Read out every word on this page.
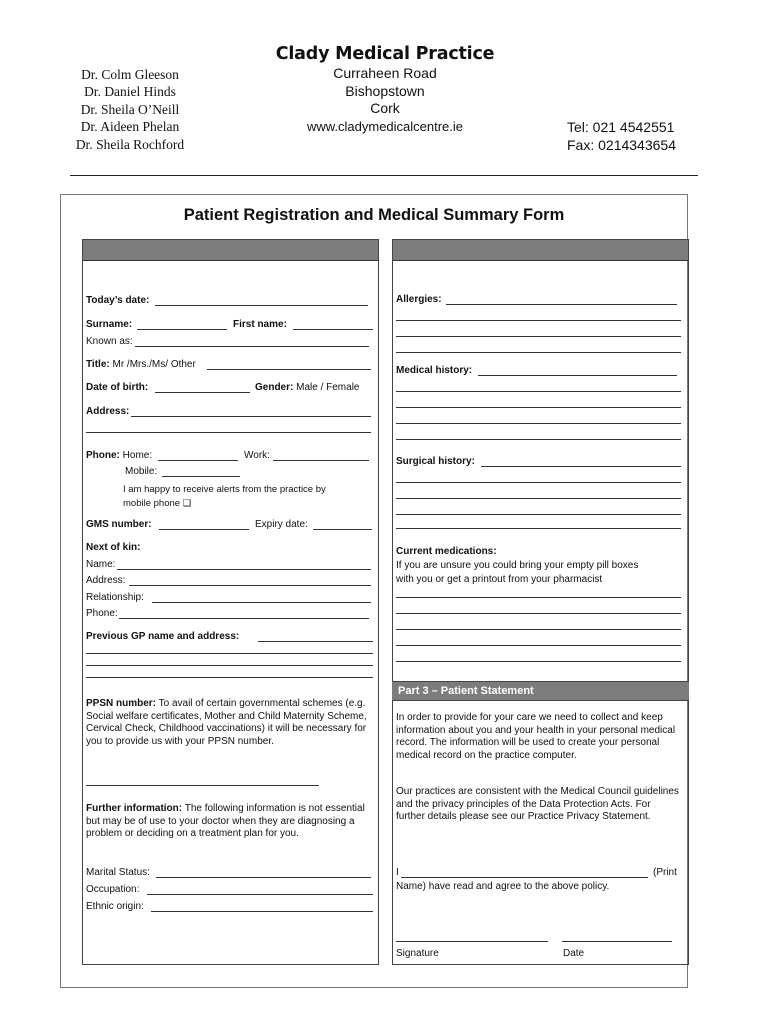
Dr. Colm Gleeson
Dr. Daniel Hinds
Dr. Sheila O’Neill
Dr. Aideen Phelan
Dr. Sheila Rochford
Clady Medical Practice
Curraheen Road
Bishopstown
Cork
www.cladymedicalcentre.ie	Tel: 021 4542551
Fax: 0214343654
Patient Registration and Medical Summary Form
Today’s date:
Surname:	First name:
Known as:
Title: Mr /Mrs./Ms/ Other
Date of birth:	Gender: Male / Female
Address:
Phone: Home:	Work:
Mobile:
I am happy to receive alerts from the practice by
mobile phone ❏
GMS number:	Expiry date:
Next of kin:
Name:
Address:
Relationship:
Phone:
Previous GP name and address:
PPSN number: To avail of certain governmental schemes (e.g. Social welfare certificates, Mother and Child Maternity Scheme, Cervical Check, Childhood vaccinations) it will be necessary for you to provide us with your PPSN number.
Further information: The following information is not essential but may be of use to your doctor when they are diagnosing a problem or deciding on a treatment plan for you.
Marital Status:
Occupation:
Ethnic origin:
Allergies:
Medical history:
Surgical history:
Current medications:
If you are unsure you could bring your empty pill boxes
with you or get a printout from your pharmacist
Part 3 – Patient Statement
In order to provide for your care we need to collect and keep information about you and your health in your personal medical record. The information will be used to create your personal medical record on the practice computer.
Our practices are consistent with the Medical Council guidelines and the privacy principles of the Data Protection Acts. For further details please see our Practice Privacy Statement.
I	(Print
Name) have read and agree to the above policy.
Signature	Date
